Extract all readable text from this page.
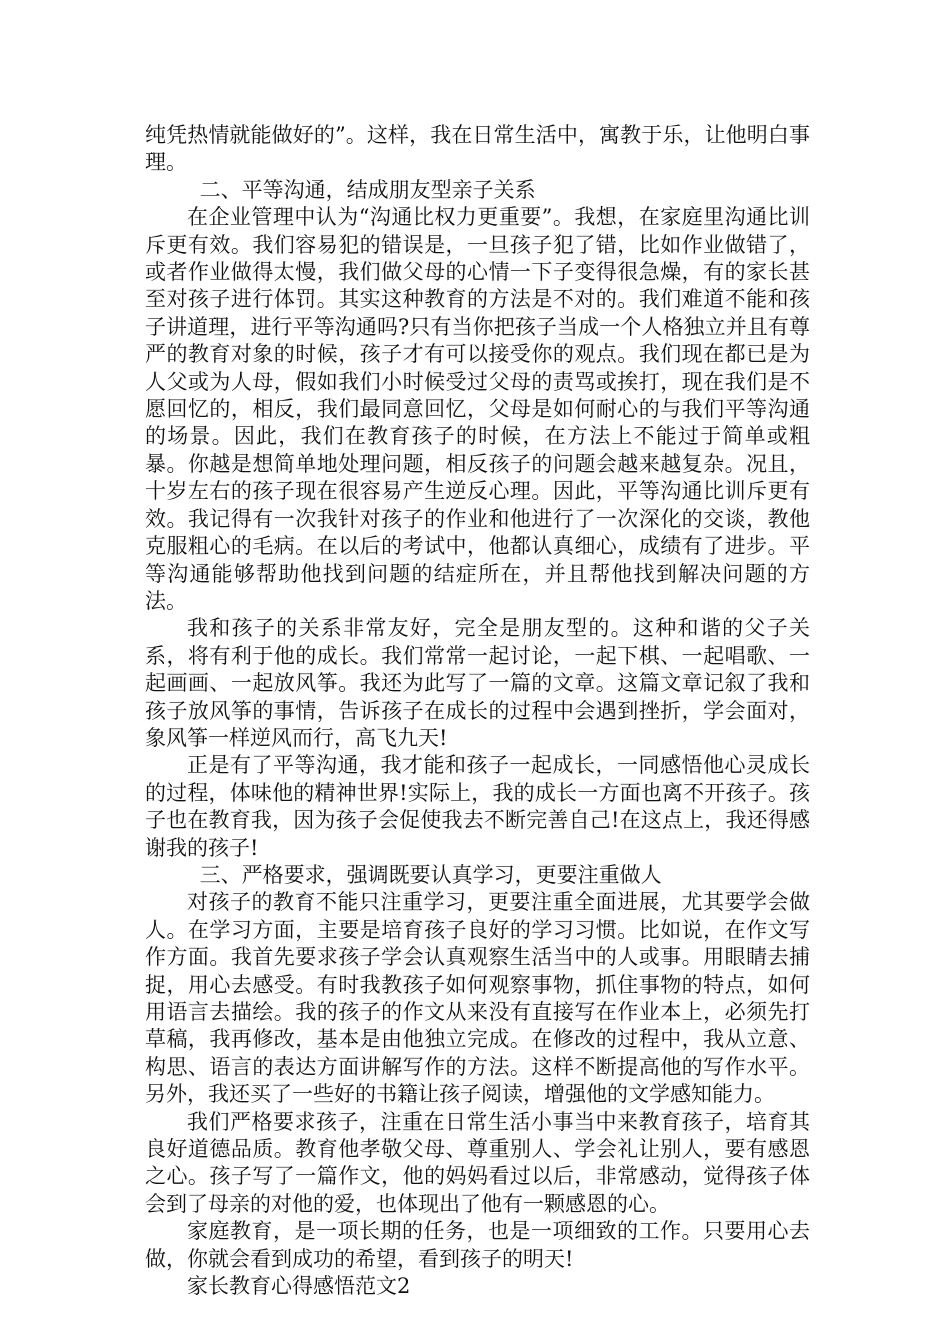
纯凭热情就能做好的”。这样，我在日常生活中，寓教于乐，让他明白事理。

二、平等沟通，结成朋友型亲子关系

在企业管理中认为“沟通比权力更重要”。我想，在家庭里沟通比训斥更有效。我们容易犯的错误是，一旦孩子犯了错，比如作业做错了，或者作业做得太慢，我们做父母的心情一下子变得很急燥，有的家长甚至对孩子进行体罚。其实这种教育的方法是不对的。我们难道不能和孩子讲道理，进行平等沟通吗?只有当你把孩子当成一个人格独立并且有尊严的教育对象的时候，孩子才有可以接受你的观点。我们现在都已是为人父或为人母，假如我们小时候受过父母的责骂或挨打，现在我们是不愿回忆的，相反，我们最同意回忆，父母是如何耐心的与我们平等沟通的场景。因此，我们在教育孩子的时候，在方法上不能过于简单或粗暴。你越是想简单地处理问题，相反孩子的问题会越来越复杂。况且，十岁左右的孩子现在很容易产生逆反心理。因此，平等沟通比训斥更有效。我记得有一次我针对孩子的作业和他进行了一次深化的交谈，教他克服粗心的毛病。在以后的考试中，他都认真细心，成绩有了进步。平等沟通能够帮助他找到问题的结症所在，并且帮他找到解决问题的方法。

我和孩子的关系非常友好，完全是朋友型的。这种和谐的父子关系，将有利于他的成长。我们常常一起讨论，一起下棋、一起唱歌、一起画画、一起放风筝。我还为此写了一篇的文章。这篇文章记叙了我和孩子放风筝的事情，告诉孩子在成长的过程中会遇到挫折，学会面对，象风筝一样逆风而行，高飞九天!

正是有了平等沟通，我才能和孩子一起成长，一同感悟他心灵成长的过程，体味他的精神世界!实际上，我的成长一方面也离不开孩子。孩子也在教育我，因为孩子会促使我去不断完善自己!在这点上，我还得感谢我的孩子!

三、严格要求，强调既要认真学习，更要注重做人

对孩子的教育不能只注重学习，更要注重全面进展，尤其要学会做人。在学习方面，主要是培育孩子良好的学习习惯。比如说，在作文写作方面。我首先要求孩子学会认真观察生活当中的人或事。用眼睛去捕捉，用心去感受。有时我教孩子如何观察事物，抓住事物的特点，如何用语言去描绘。我的孩子的作文从来没有直接写在作业本上，必须先打草稿，我再修改，基本是由他独立完成。在修改的过程中，我从立意、构思、语言的表达方面讲解写作的方法。这样不断提高他的写作水平。另外，我还买了一些好的书籍让孩子阅读，增强他的文学感知能力。

我们严格要求孩子，注重在日常生活小事当中来教育孩子，培育其良好道德品质。教育他孝敬父母、尊重别人、学会礼让别人，要有感恩之心。孩子写了一篇作文，他的妈妈看过以后，非常感动，觉得孩子体会到了母亲的对他的爱，也体现出了他有一颗感恩的心。

家庭教育，是一项长期的任务，也是一项细致的工作。只要用心去做，你就会看到成功的希望，看到孩子的明天!

家长教育心得感悟范文2
